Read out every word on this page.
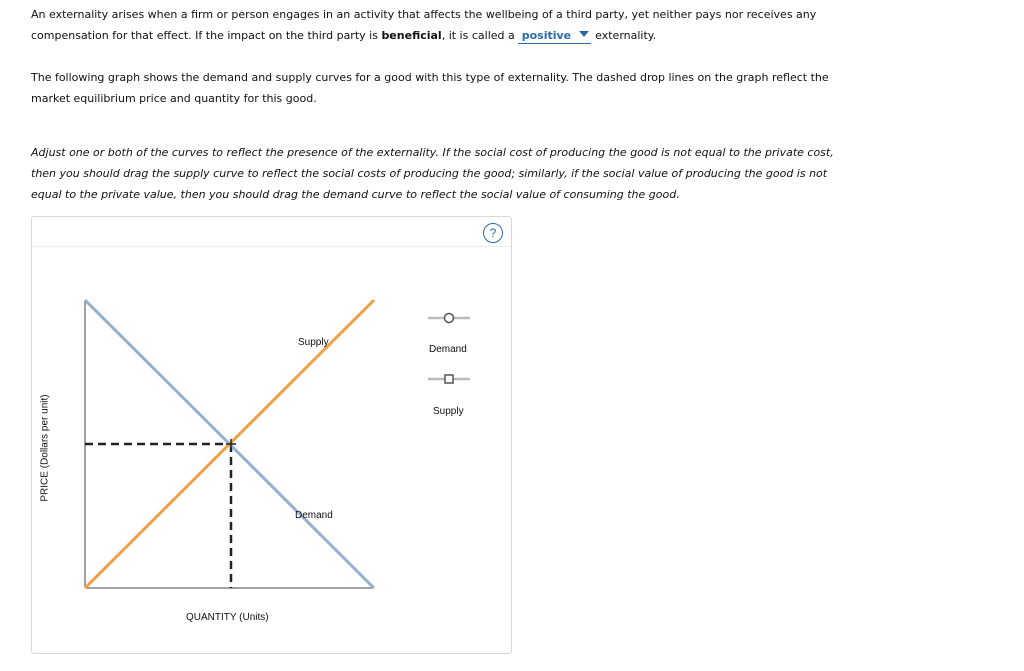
An externality arises when a firm or person engages in an activity that affects the wellbeing of a third party, yet neither pays nor receives any compensation for that effect. If the impact on the third party is beneficial, it is called a positive externality.

The following graph shows the demand and supply curves for a good with this type of externality. The dashed drop lines on the graph reflect the market equilibrium price and quantity for this good.

Adjust one or both of the curves to reflect the presence of the externality. If the social cost of producing the good is not equal to the private cost, then you should drag the supply curve to reflect the social costs of producing the good; similarly, if the social value of producing the good is not equal to the private value, then you should drag the demand curve to reflect the social value of consuming the good.

?
PRICE (Dollars per unit)
QUANTITY (Units)
Supply
Demand
Demand
Supply
